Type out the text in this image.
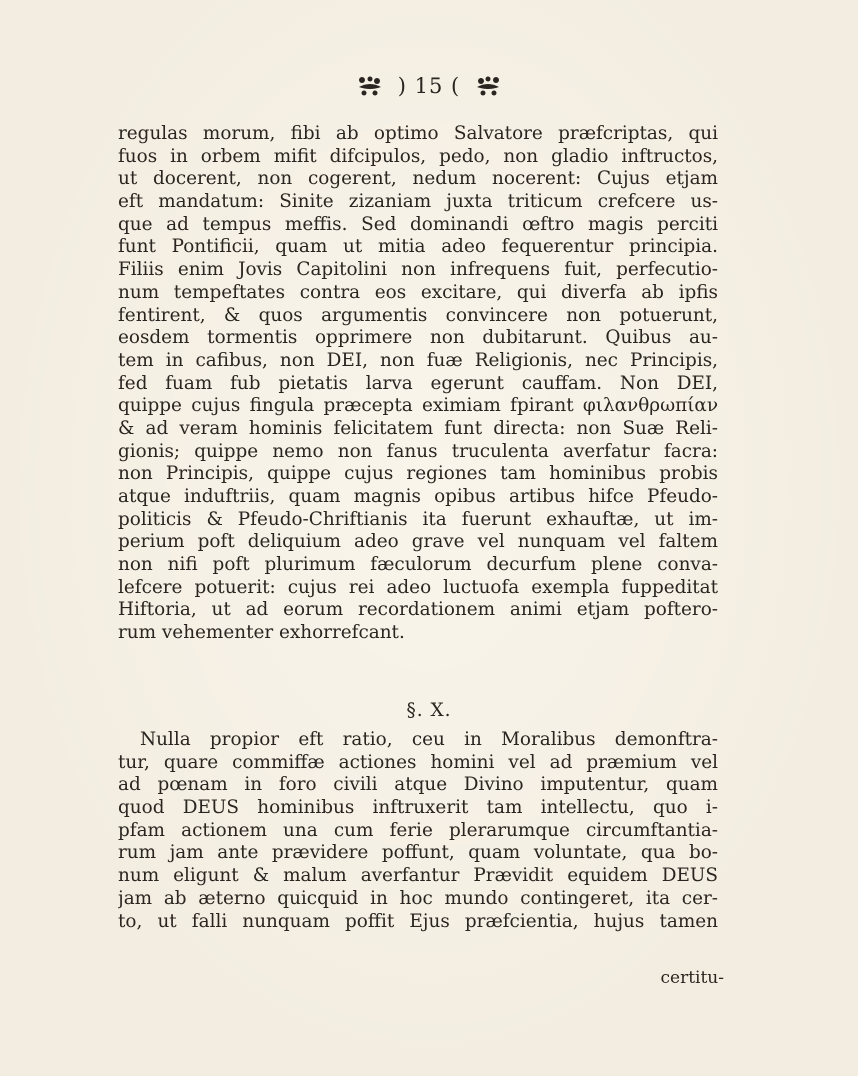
) 15 (
regulas morum, fibi ab optimo Salvatore præfcriptas, qui
fuos in orbem mifit difcipulos, pedo, non gladio inftructos,
ut docerent, non cogerent, nedum nocerent: Cujus etjam
eft mandatum: Sinite zizaniam juxta triticum crefcere us-
que ad tempus meffis. Sed dominandi œftro magis perciti
funt Pontificii, quam ut mitia adeo fequerentur principia.
Filiis enim Jovis Capitolini non infrequens fuit, perfecutio-
num tempeftates contra eos excitare, qui diverfa ab ipfis
fentirent, & quos argumentis convincere non potuerunt,
eosdem tormentis opprimere non dubitarunt. Quibus au-
tem in cafibus, non DEI, non fuæ Religionis, nec Principis,
fed fuam fub pietatis larva egerunt cauffam. Non DEI,
quippe cujus fingula præcepta eximiam fpirant φιλανθρωπίαν
& ad veram hominis felicitatem funt directa: non Suæ Reli-
gionis; quippe nemo non fanus truculenta averfatur facra:
non Principis, quippe cujus regiones tam hominibus probis
atque induftriis, quam magnis opibus artibus hifce Pfeudo-
politicis & Pfeudo-Chriftianis ita fuerunt exhauftæ, ut im-
perium poft deliquium adeo grave vel nunquam vel faltem
non nifi poft plurimum fæculorum decurfum plene conva-
lefcere potuerit: cujus rei adeo luctuofa exempla fuppeditat
Hiftoria, ut ad eorum recordationem animi etjam poftero-
rum vehementer exhorrefcant.
§. X.
Nulla propior eft ratio, ceu in Moralibus demonftra-
tur, quare commiffæ actiones homini vel ad præmium vel
ad pœnam in foro civili atque Divino imputentur, quam
quod DEUS hominibus inftruxerit tam intellectu, quo i-
pfam actionem una cum ferie plerarumque circumftantia-
rum jam ante prævidere poffunt, quam voluntate, qua bo-
num eligunt & malum averfantur Prævidit equidem DEUS
jam ab æterno quicquid in hoc mundo contingeret, ita cer-
to, ut falli nunquam poffit Ejus præfcientia, hujus tamen
certitu-
